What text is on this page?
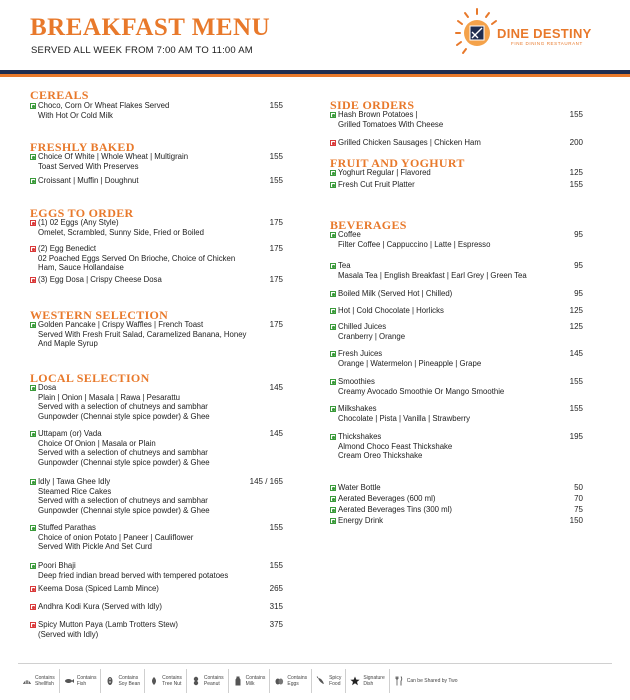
BREAKFAST MENU
SERVED ALL WEEK FROM 7:00 AM TO 11:00 AM
DINE DESTINY
FINE DINING RESTAURANT
CEREALS
Choco, Corn Or Wheat Flakes Served
With Hot Or Cold Milk
155
FRESHLY BAKED
Choice Of White | Whole Wheat | Multigrain
Toast Served With Preserves
155
Croissant | Muffin | Doughnut	155
EGGS TO ORDER
(1) 02 Eggs (Any Style)
Omelet, Scrambled, Sunny Side, Fried or Boiled
175
(2) Egg Benedict
02 Poached Eggs Served On Brioche, Choice of Chicken Ham, Sauce Hollandaise
175
(3) Egg Dosa | Crispy Cheese Dosa	175
WESTERN SELECTION
Golden Pancake | Crispy Waffles | French Toast
Served With Fresh Fruit Salad, Caramelized Banana, Honey And Maple Syrup
175
LOCAL SELECTION
Dosa
Plain | Onion | Masala | Rawa | Pesarattu
Served with a selection of chutneys and sambhar
Gunpowder (Chennai style spice powder) & Ghee
145
Uttapam (or) Vada
Choice Of Onion | Masala or Plain
Served with a selection of chutneys and sambhar
Gunpowder (Chennai style spice powder) & Ghee
145
Idly | Tawa Ghee Idly
Steamed Rice Cakes
Served with a selection of chutneys and sambhar
Gunpowder (Chennai style spice powder) & Ghee
145 / 165
Stuffed Parathas
Choice of onion Potato | Paneer | Cauliflower
Served With Pickle And Set Curd
155
Poori Bhaji
Deep fried indian bread berved with tempered potatoes
155
Keema Dosa (Spiced Lamb Mince)	265
Andhra Kodi Kura (Served with Idly)	315
Spicy Mutton Paya (Lamb Trotters Stew)
(Served with Idly)
375
SIDE ORDERS
Hash Brown Potatoes |
Grilled Tomatoes With Cheese
155
Grilled Chicken Sausages | Chicken Ham	200
FRUIT AND YOGHURT
Yoghurt Regular | Flavored	125
Fresh Cut Fruit Platter	155
BEVERAGES
Coffee
Filter Coffee | Cappuccino | Latte | Espresso
95
Tea
Masala Tea | English Breakfast | Earl Grey | Green Tea
95
Boiled Milk (Served Hot | Chilled)	95
Hot | Cold Chocolate | Horlicks	125
Chilled Juices
Cranberry | Orange
125
Fresh Juices
Orange | Watermelon | Pineapple | Grape
145
Smoothies
Creamy Avocado Smoothie Or Mango Smoothie
155
Milkshakes
Chocolate | Pista | Vanilla | Strawberry
155
Thickshakes
Almond Choco Feast Thickshake
Cream Oreo Thickshake
195
Water Bottle	50
Aerated Beverages (600 ml)	70
Aerated Beverages Tins (300 ml)	75
Energy Drink	150
Contains
Shellfish
Contains
Fish
Contains
Soy Bean
Contains
Tree Nut
Contains
Peanut
Contains
Milk
Contains
Eggs
Spicy
Food
Signature
Dish	Can be Shared by Two
